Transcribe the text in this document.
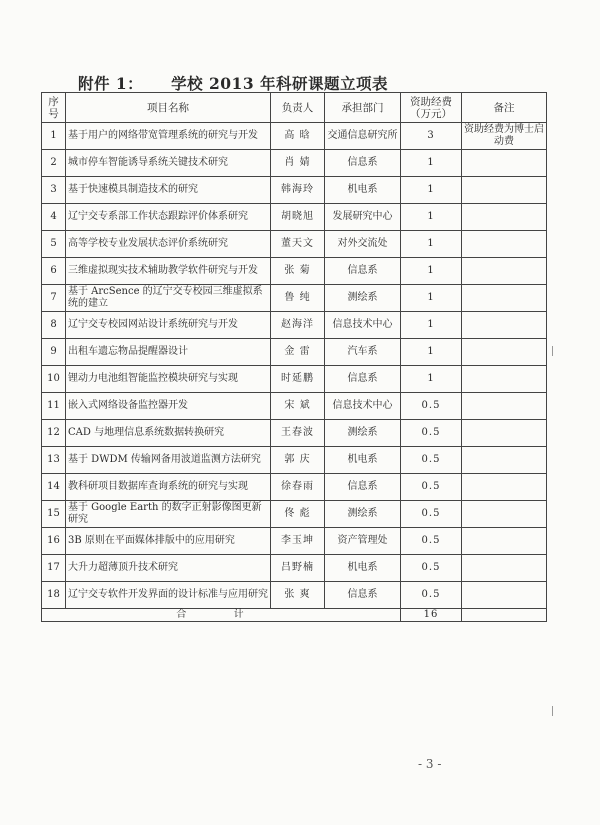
附件 1： 学校 2013 年科研课题立项表
序号	项目名称	负责人	承担部门	资助经费（万元）	备注
1	基于用户的网络带宽管理系统的研究与开发	高 晗	交通信息研究所	3	资助经费为博士启动费
2	城市停车智能诱导系统关键技术研究	肖 婧	信息系	1	
3	基于快速模具制造技术的研究	韩海玲	机电系	1	
4	辽宁交专系部工作状态跟踪评价体系研究	胡晓旭	发展研究中心	1	
5	高等学校专业发展状态评价系统研究	董天文	对外交流处	1	
6	三维虚拟现实技术辅助教学软件研究与开发	张 菊	信息系	1	
7	基于 ArcSence 的辽宁交专校园三维虚拟系统的建立	鲁 纯	测绘系	1	
8	辽宁交专校园网站设计系统研究与开发	赵海洋	信息技术中心	1	
9	出租车遗忘物品提醒器设计	金 雷	汽车系	1	
10	锂动力电池组智能监控模块研究与实现	时延鹏	信息系	1	
11	嵌入式网络设备监控器开发	宋 斌	信息技术中心	0.5	
12	CAD 与地理信息系统数据转换研究	王春波	测绘系	0.5	
13	基于 DWDM 传输网备用波道监测方法研究	郭 庆	机电系	0.5	
14	教科研项目数据库查询系统的研究与实现	徐春雨	信息系	0.5	
15	基于 Google Earth 的数字正射影像图更新研究	佟 彪	测绘系	0.5	
16	3B 原则在平面媒体排版中的应用研究	李玉坤	资产管理处	0.5	
17	大升力超薄顶升技术研究	吕野楠	机电系	0.5	
18	辽宁交专软件开发界面的设计标准与应用研究	张 爽	信息系	0.5	
合 计				16	
- 3 -
